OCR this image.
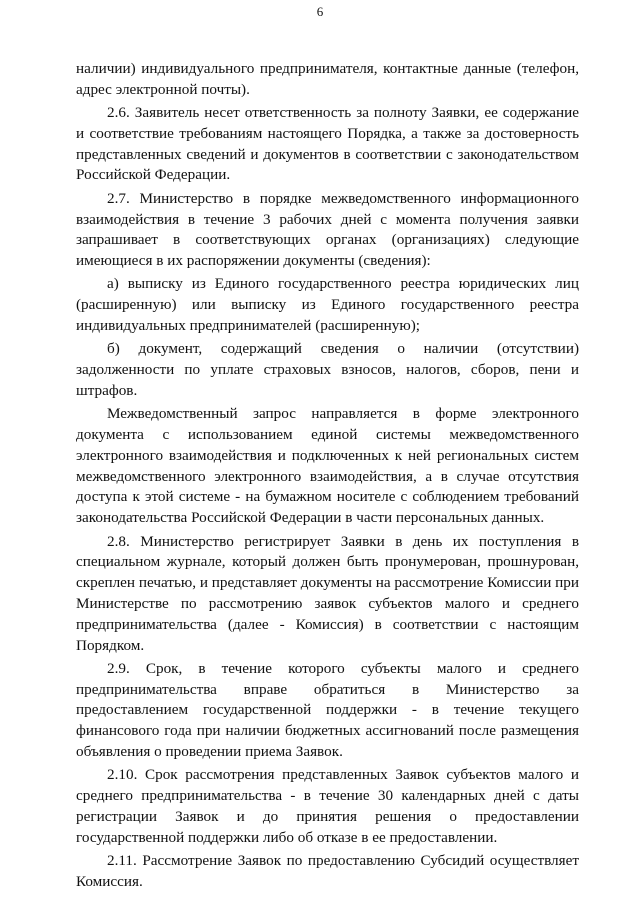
6

наличии) индивидуального предпринимателя, контактные данные (телефон, адрес электронной почты).

2.6. Заявитель несет ответственность за полноту Заявки, ее содержание и соответствие требованиям настоящего Порядка, а также за достоверность представленных сведений и документов в соответствии с законодательством Российской Федерации.

2.7. Министерство в порядке межведомственного информационного взаимодействия в течение 3 рабочих дней с момента получения заявки запрашивает в соответствующих органах (организациях) следующие имеющиеся в их распоряжении документы (сведения):

а) выписку из Единого государственного реестра юридических лиц (расширенную) или выписку из Единого государственного реестра индивидуальных предпринимателей (расширенную);

б) документ, содержащий сведения о наличии (отсутствии) задолженности по уплате страховых взносов, налогов, сборов, пени и штрафов.

Межведомственный запрос направляется в форме электронного документа с использованием единой системы межведомственного электронного взаимодействия и подключенных к ней региональных систем межведомственного электронного взаимодействия, а в случае отсутствия доступа к этой системе - на бумажном носителе с соблюдением требований законодательства Российской Федерации в части персональных данных.

2.8. Министерство регистрирует Заявки в день их поступления в специальном журнале, который должен быть пронумерован, прошнурован, скреплен печатью, и представляет документы на рассмотрение Комиссии при Министерстве по рассмотрению заявок субъектов малого и среднего предпринимательства (далее - Комиссия) в соответствии с настоящим Порядком.

2.9. Срок, в течение которого субъекты малого и среднего предпринимательства вправе обратиться в Министерство за предоставлением государственной поддержки - в течение текущего финансового года при наличии бюджетных ассигнований после размещения объявления о проведении приема Заявок.

2.10. Срок рассмотрения представленных Заявок субъектов малого и среднего предпринимательства - в течение 30 календарных дней с даты регистрации Заявок и до принятия решения о предоставлении государственной поддержки либо об отказе в ее предоставлении.

2.11. Рассмотрение Заявок по предоставлению Субсидий осуществляет Комиссия.
